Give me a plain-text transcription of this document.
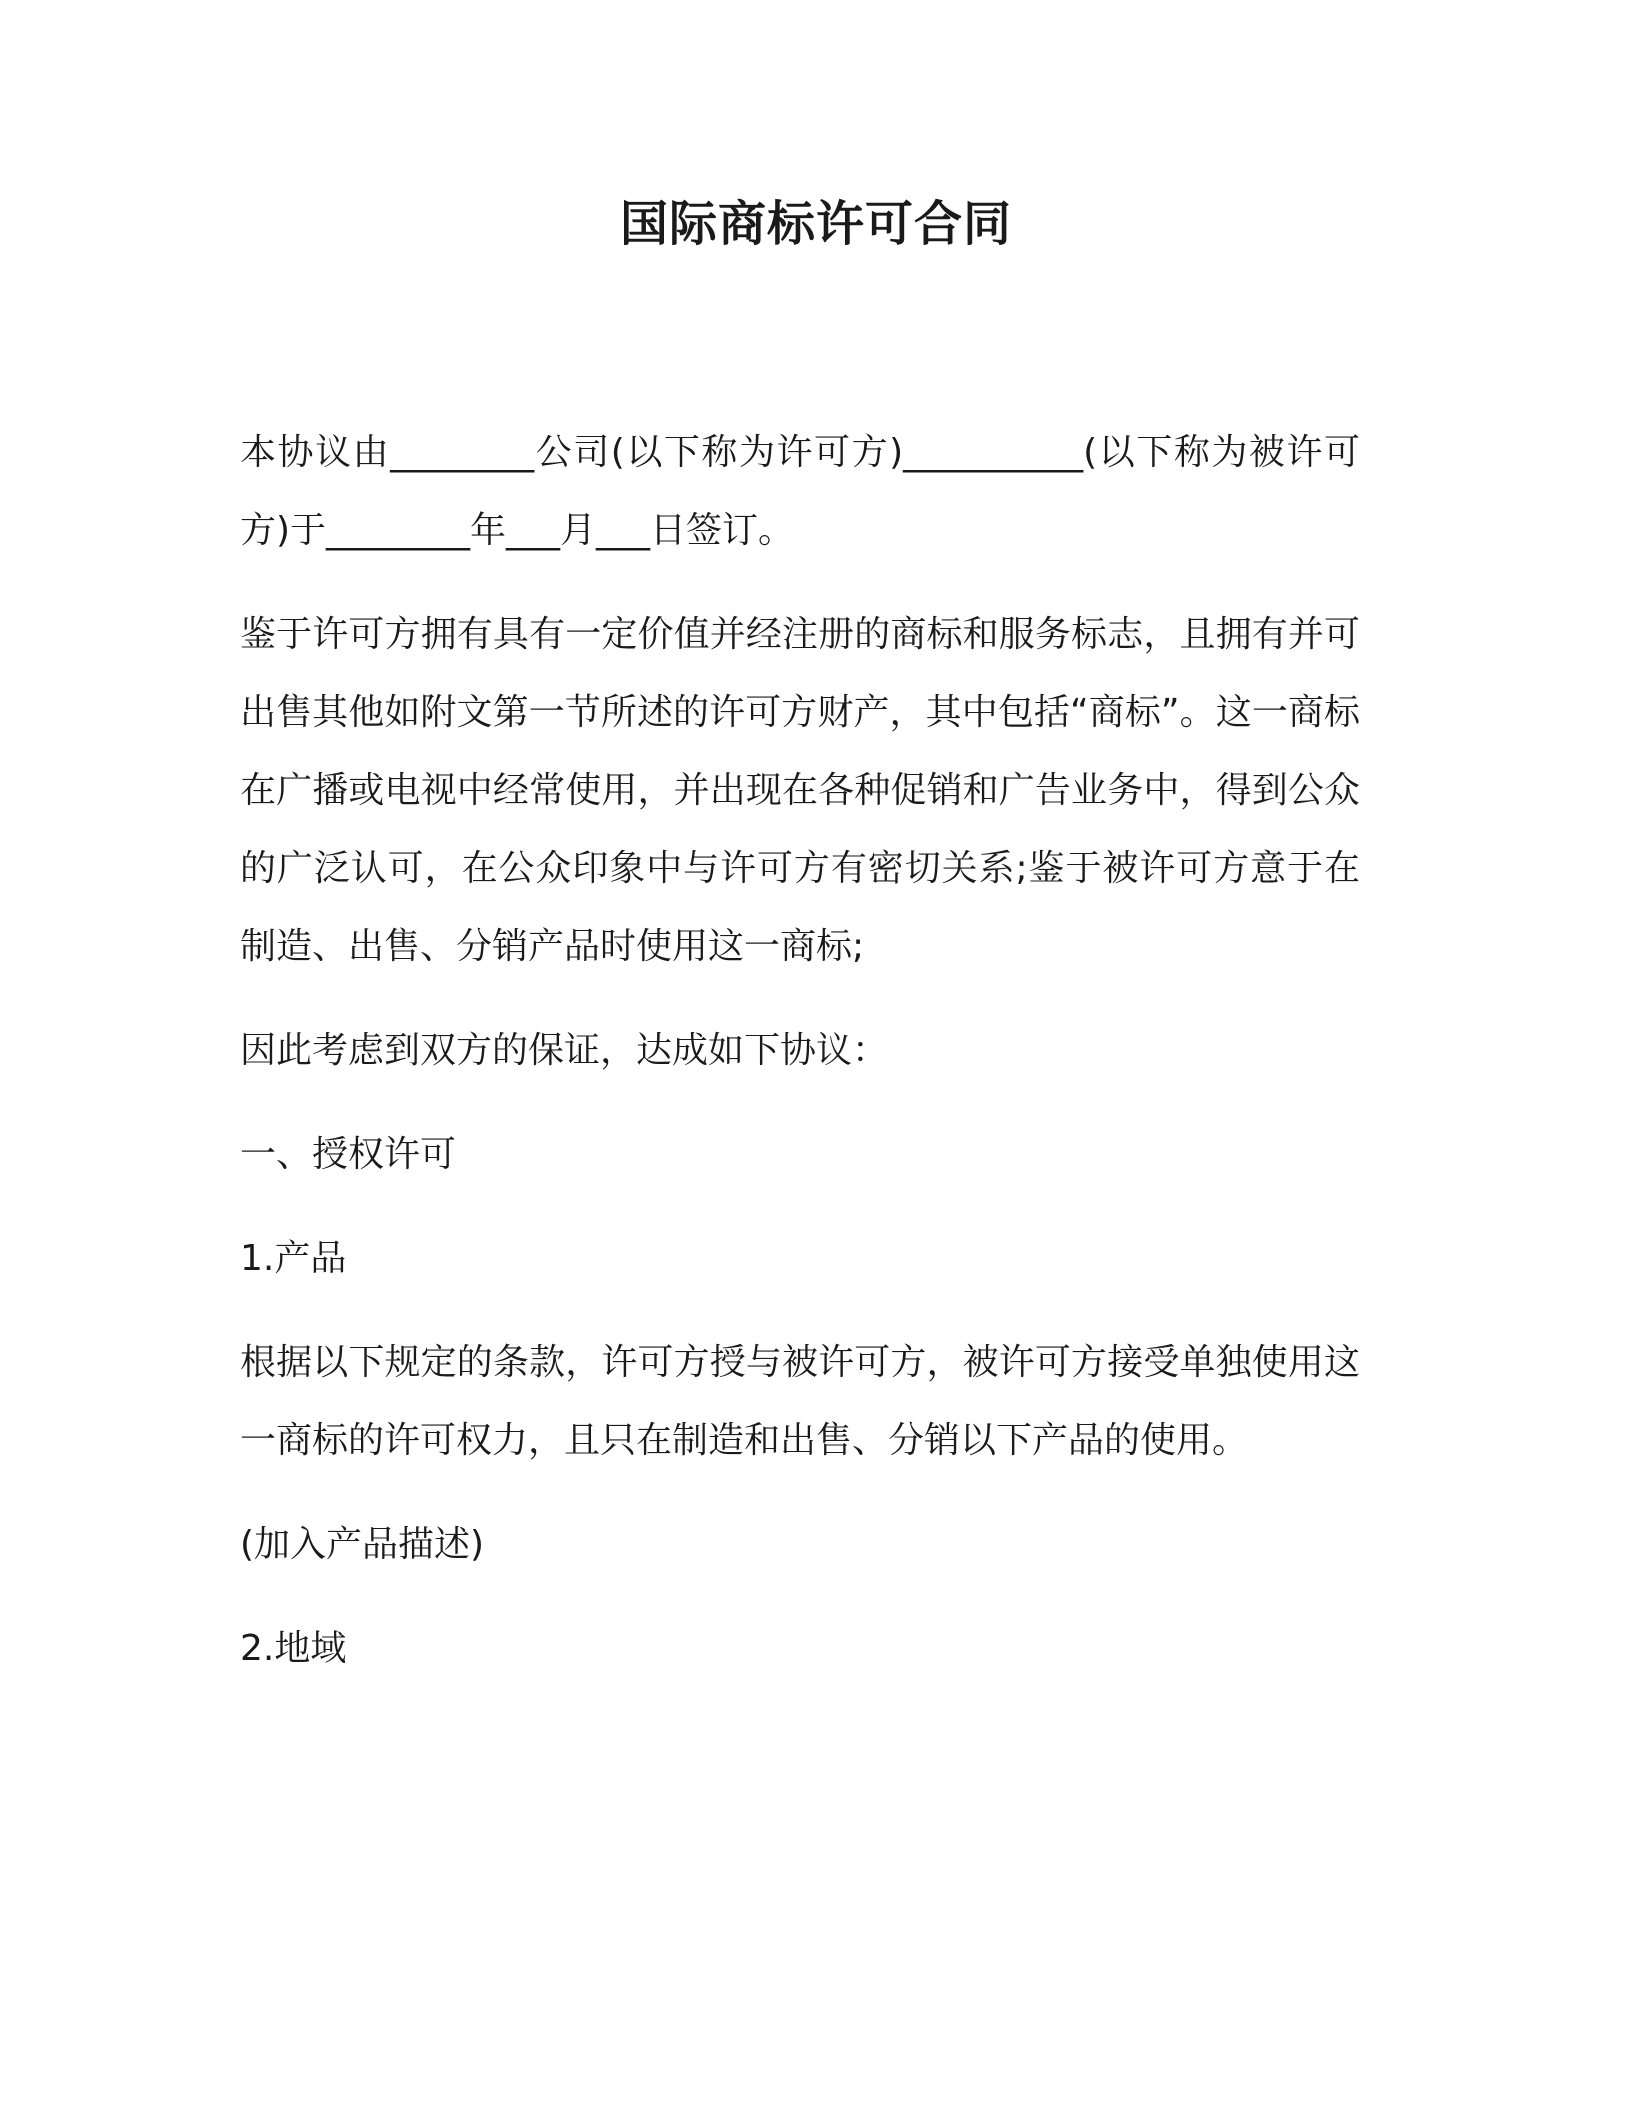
国际商标许可合同

本协议由________公司(以下称为许可方)__________(以下称为被许可方)于________年___月___日签订。

鉴于许可方拥有具有一定价值并经注册的商标和服务标志，且拥有并可出售其他如附文第一节所述的许可方财产，其中包括“商标”。这一商标在广播或电视中经常使用，并出现在各种促销和广告业务中，得到公众的广泛认可，在公众印象中与许可方有密切关系;鉴于被许可方意于在制造、出售、分销产品时使用这一商标;

因此考虑到双方的保证，达成如下协议：

一、授权许可

1.产品

根据以下规定的条款，许可方授与被许可方，被许可方接受单独使用这一商标的许可权力，且只在制造和出售、分销以下产品的使用。

(加入产品描述)

2.地域
